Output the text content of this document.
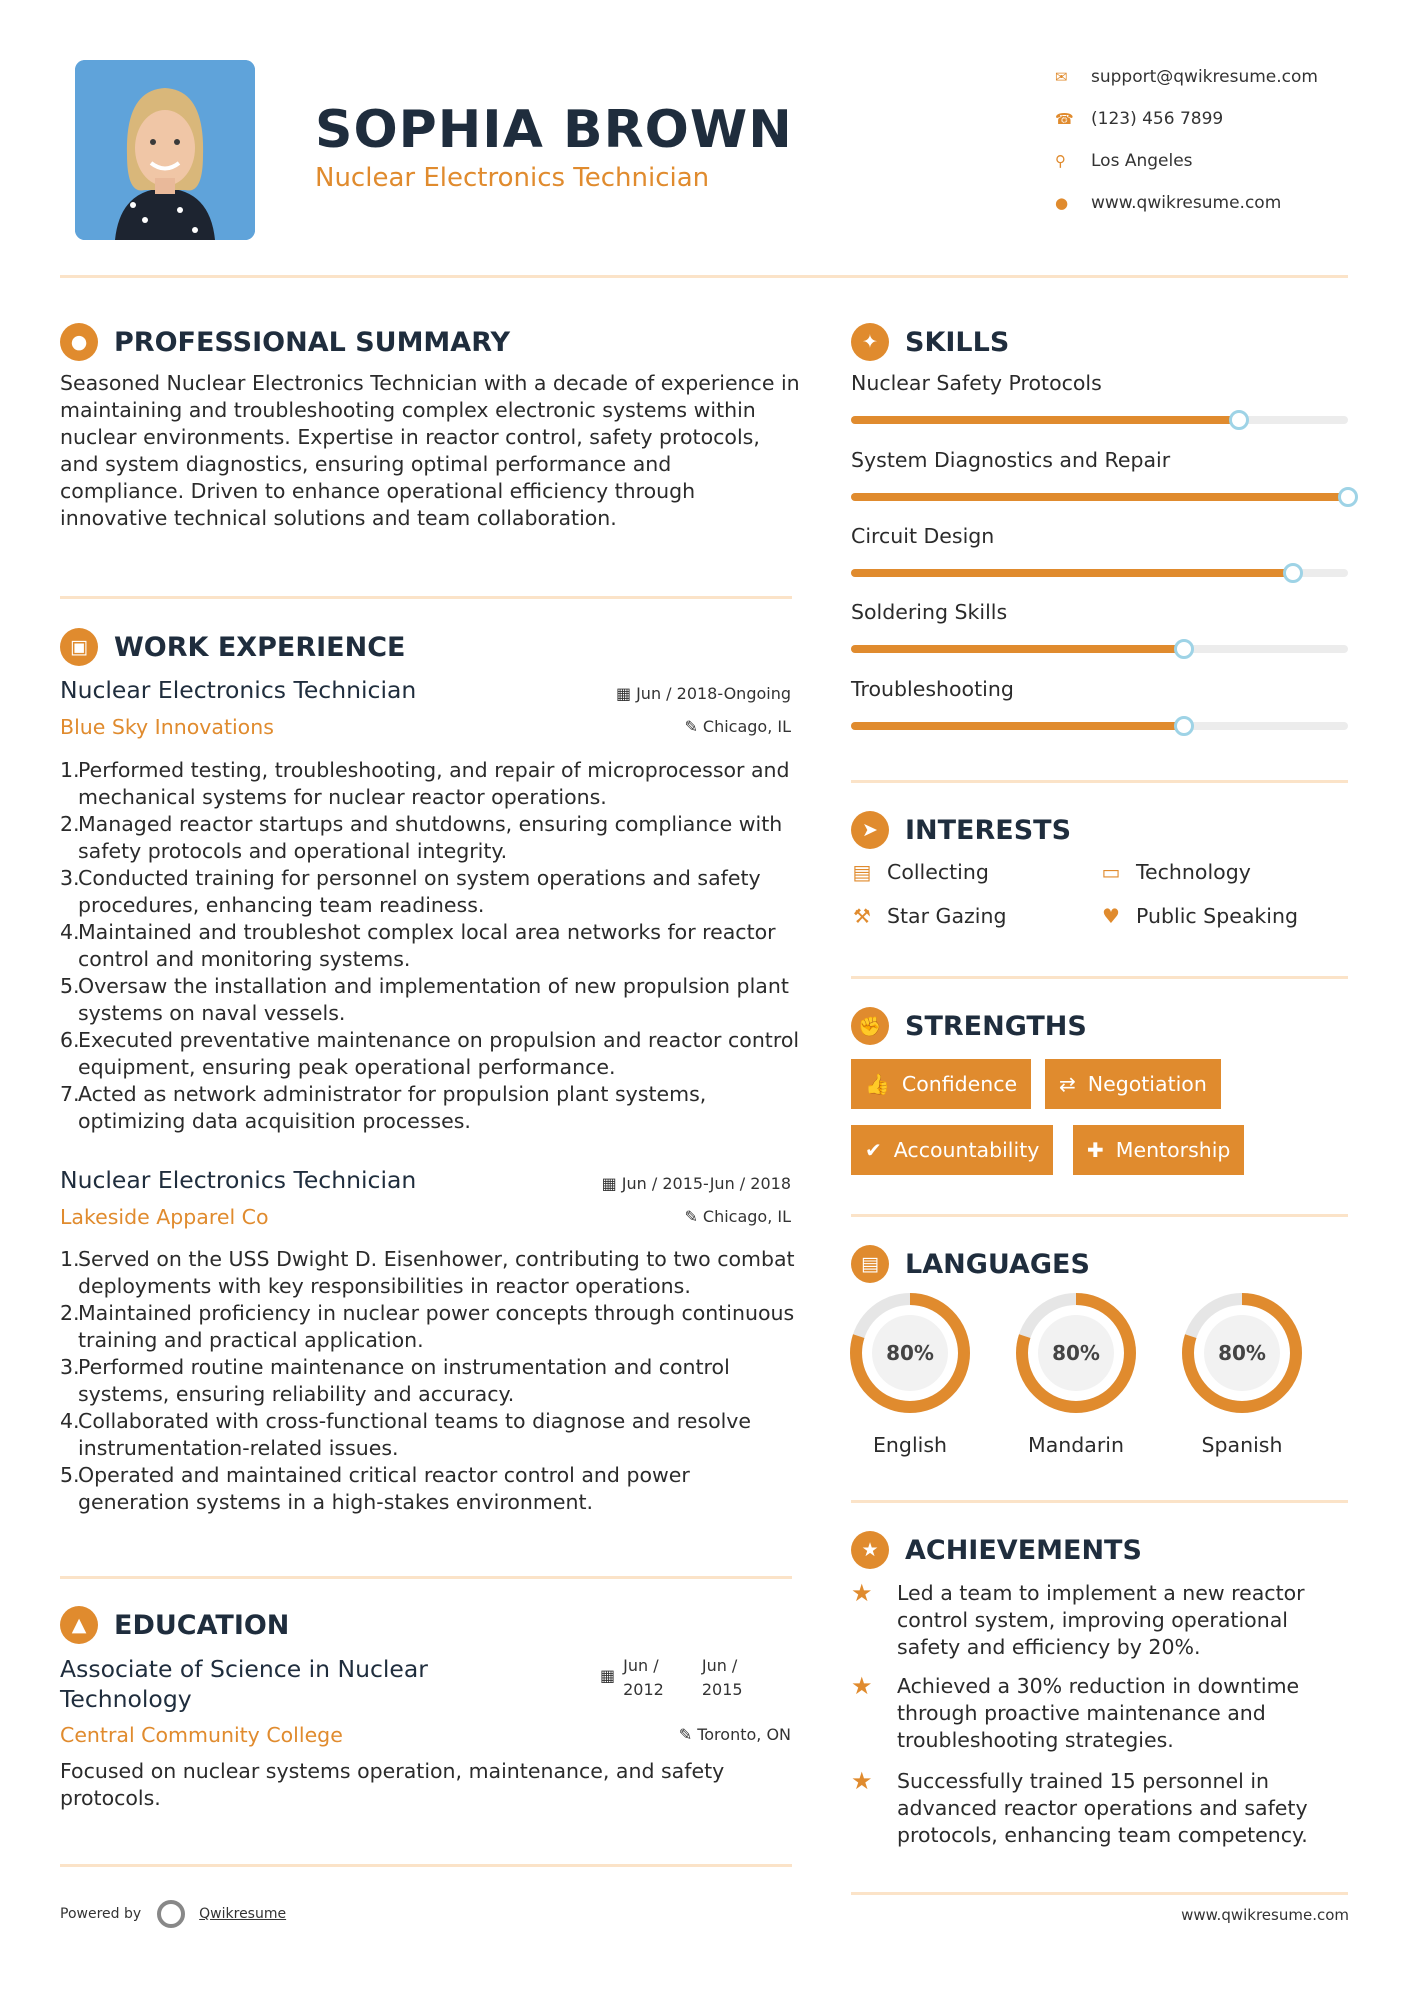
SOPHIA BROWN
Nuclear Electronics Technician
✉	support@qwikresume.com
☎	(123) 456 7899
⚲	Los Angeles
●	www.qwikresume.com
● PROFESSIONAL SUMMARY
Seasoned Nuclear Electronics Technician with a decade of experience in maintaining and troubleshooting complex electronic systems within nuclear environments. Expertise in reactor control, safety protocols, and system diagnostics, ensuring optimal performance and compliance. Driven to enhance operational efficiency through innovative technical solutions and team collaboration.
▣ WORK EXPERIENCE
Nuclear Electronics Technician	▦ Jun / 2018-Ongoing
Blue Sky Innovations	✎ Chicago, IL
1.
Performed testing, troubleshooting, and repair of microprocessor and mechanical systems for nuclear reactor operations.
2.
Managed reactor startups and shutdowns, ensuring compliance with safety protocols and operational integrity.
3.
Conducted training for personnel on system operations and safety procedures, enhancing team readiness.
4.
Maintained and troubleshot complex local area networks for reactor control and monitoring systems.
5.
Oversaw the installation and implementation of new propulsion plant systems on naval vessels.
6.
Executed preventative maintenance on propulsion and reactor control equipment, ensuring peak operational performance.
7.
Acted as network administrator for propulsion plant systems, optimizing data acquisition processes.
Nuclear Electronics Technician	▦ Jun / 2015-Jun / 2018
Lakeside Apparel Co	✎ Chicago, IL
1.
Served on the USS Dwight D. Eisenhower, contributing to two combat deployments with key responsibilities in reactor operations.
2.
Maintained proficiency in nuclear power concepts through continuous training and practical application.
3.
Performed routine maintenance on instrumentation and control systems, ensuring reliability and accuracy.
4.
Collaborated with cross-functional teams to diagnose and resolve instrumentation-related issues.
5.
Operated and maintained critical reactor control and power generation systems in a high-stakes environment.
▲	EDUCATION
Associate of Science in Nuclear
Technology
▦
Jun /
2012
Jun /
2015
Central Community College	✎ Toronto, ON
Focused on nuclear systems operation, maintenance, and safety protocols.
✦	SKILLS
Nuclear Safety Protocols
System Diagnostics and Repair
Circuit Design
Soldering Skills
Troubleshooting
➤	INTERESTS
▤ Collecting	▭ Technology
⚒ Star Gazing	♥ Public Speaking
✊ STRENGTHS
👍 Confidence ⇄ Negotiation
✔ Accountability ✚ Mentorship
▤ LANGUAGES
80%
English
80%
Mandarin
80%
Spanish
★ ACHIEVEMENTS
★	Led a team to implement a new reactor control system, improving operational safety and efficiency by 20%.
★	Achieved a 30% reduction in downtime through proactive maintenance and troubleshooting strategies.
★	Successfully trained 15 personnel in advanced reactor operations and safety protocols, enhancing team competency.
Powered by	Qwikresume	www.qwikresume.com
